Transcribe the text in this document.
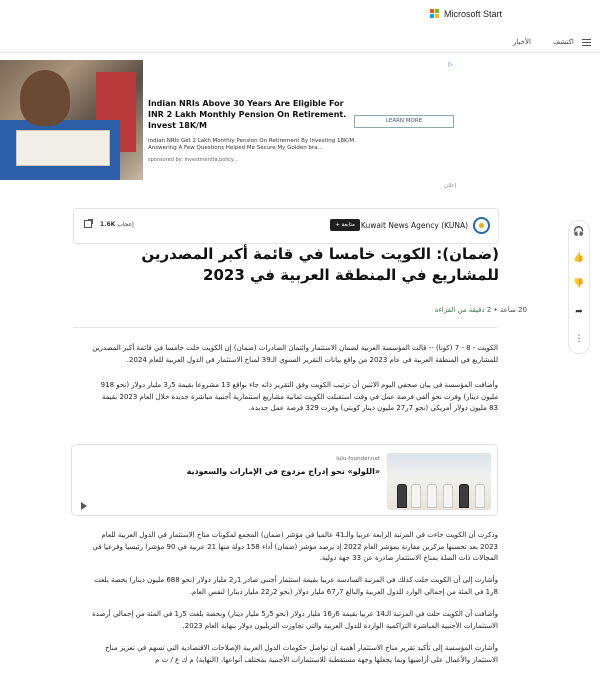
Microsoft Start
اكتشف
الأخبار
Indian NRIs Above 30 Years Are Eligible For INR 2 Lakh Monthly Pension On Retirement. Invest 18K/M
Indian NRIs Get 2 Lakh Monthly Pension On Retirement By Investing 18K/M. Answering A Few Questions Helped Me Secure My Golden bra...
sponsored by: investmentfa.policy...
LEARN MORE
▷
إعلان
Kuwait News Agency (KUNA)
+ متابعة
1.6K إعجاب
(ضمان): الكويت خامسا في قائمة أكبر المصدرين للمشاريع في المنطقة العربية في 2023
20 ساعة • 2 دقيقة من القراءة
الكويت - 8 - 7 (كونا) -- قالت المؤسسة العربية لضمان الاستثمار وائتمان الصادرات (ضمان) إن الكويت حلت خامسا في قائمة أكبر المصدرين للمشاريع في المنطقة العربية في عام 2023 من واقع بيانات التقرير السنوي الـ39 لمناخ الاستثمار في الدول العربية للعام 2024.
وأضافت المؤسسة في بيان صحفي اليوم الاثنين أن ترتيب الكويت وفق التقرير ذاته جاء بواقع 13 مشروعا بقيمة 5ر3 مليار دولار (نحو 918 مليون دينار) وفرت نحو ألفي فرصة عمل في وقت استقبلت الكويت ثمانية مشاريع استثمارية أجنبية مباشرة جديدة خلال العام 2023 بقيمة 83 مليون دولار أمريكي (نحو 7ر27 مليون دينار كويتي) وفرت 329 فرصة عمل جديدة.
lulu-founder.net
«اللولو» نحو إدراج مزدوج في الإمارات والسعودية
وذكرت أن الكويت جاءت في المرتبة الرابعة عربيا والـ41 عالميا في مؤشر (ضمان) المجمع لمكونات مناخ الاستثمار في الدول العربية للعام 2023 بعد تحسنها مركزين مقارنة بمؤشر العام 2022 إذ يرصد مؤشر (ضمان) أداء 158 دولة منها 21 عربية في 90 مؤشرا رئيسيا وفرعيا في المجالات ذات الصلة بمناخ الاستثمار صادرة عن 33 جهة دولية.
وأشارت إلى أن الكويت حلت كذلك في المرتبة السادسة عربيا بقيمة استثمار أجنبي صادر 1ر2 مليار دولار (نحو 688 مليون دينار) بحصة بلغت 8ر1 في المئة من إجمالي الوارد للدول العربية والبالغ 7ر67 مليار دولار (نحو 2ر22 مليار دينار) لنفس العام.
وأضافت أن الكويت حلت في المرتبة الـ14 عربيا بقيمة 6ر16 مليار دولار (نحو 5ر5 مليار دينار) وبحصة بلغت 5ر1 في المئة من إجمالي أرصدة الاستثمارات الأجنبية المباشرة التراكمية الواردة للدول العربية والتي تجاوزت التريليون دولار بنهاية العام 2023.
وأشارت المؤسسة إلى تأكيد تقرير مناخ الاستثمار أهمية أن تواصل حكومات الدول العربية الإصلاحات الاقتصادية التي تسهم في تعزيز مناخ الاستثمار والأعمال على أراضيها وبما يجعلها وجهة مستقطبة للاستثمارات الأجنبية بمختلف أنواعها. (النهاية) م ك ع / ت م
🎧
👍
👎
➦
⋮
